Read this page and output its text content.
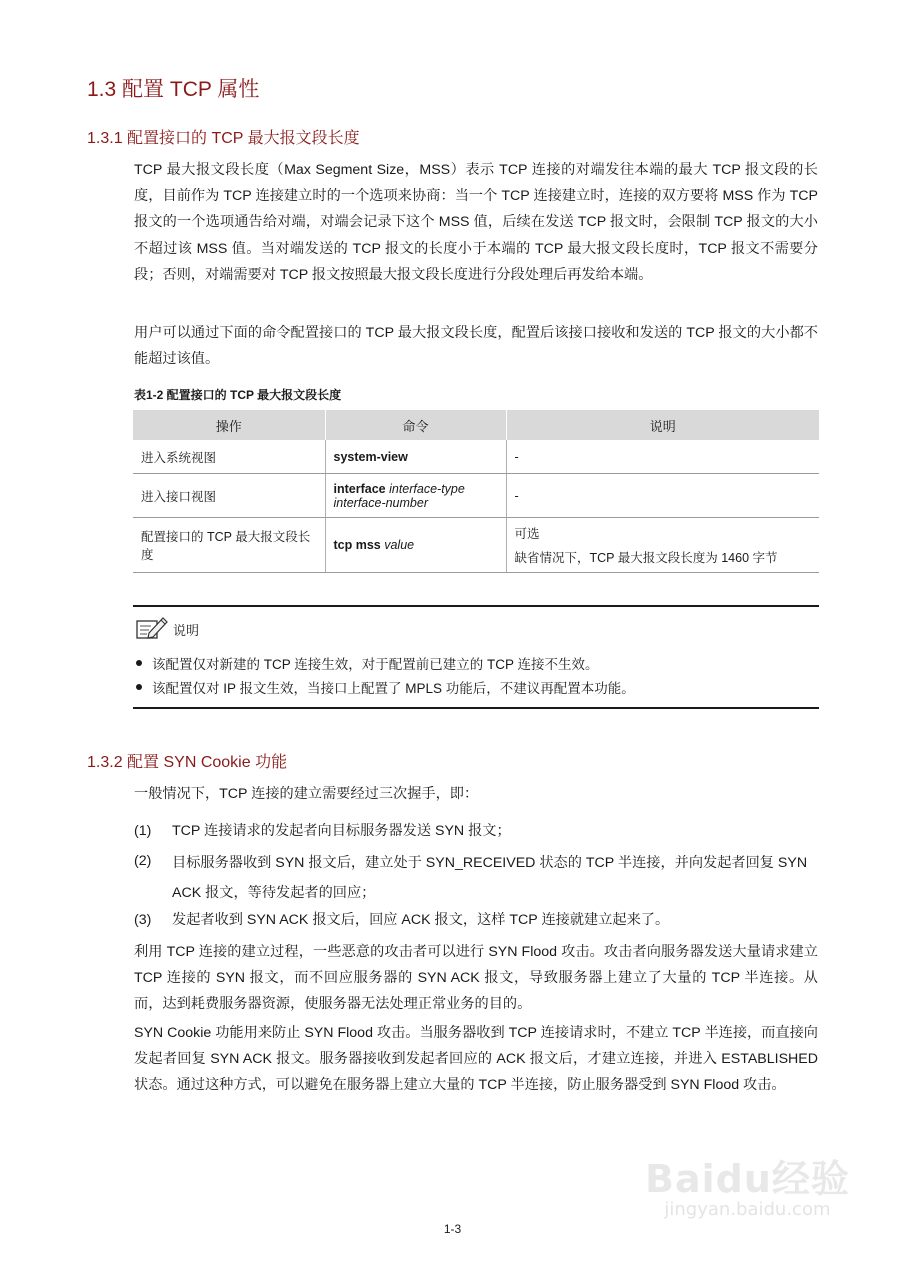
1.3 配置 TCP 属性
1.3.1 配置接口的 TCP 最大报文段长度

TCP 最大报文段长度（Max Segment Size，MSS）表示 TCP 连接的对端发往本端的最大 TCP 报文段的长度，目前作为 TCP 连接建立时的一个选项来协商：当一个 TCP 连接建立时，连接的双方要将 MSS 作为 TCP 报文的一个选项通告给对端，对端会记录下这个 MSS 值，后续在发送 TCP 报文时，会限制 TCP 报文的大小不超过该 MSS 值。当对端发送的 TCP 报文的长度小于本端的 TCP 最大报文段长度时，TCP 报文不需要分段；否则，对端需要对 TCP 报文按照最大报文段长度进行分段处理后再发给本端。

用户可以通过下面的命令配置接口的 TCP 最大报文段长度，配置后该接口接收和发送的 TCP 报文的大小都不能超过该值。

表1-2 配置接口的 TCP 最大报文段长度
操作	命令	说明
进入系统视图	system-view	-
进入接口视图	interface interface-type interface-number	-
配置接口的 TCP 最大报文段长度	tcp mss value	可选
缺省情况下，TCP 最大报文段长度为 1460 字节
说明
该配置仅对新建的 TCP 连接生效，对于配置前已建立的 TCP 连接不生效。
该配置仅对 IP 报文生效，当接口上配置了 MPLS 功能后，不建议再配置本功能。
1.3.2 配置 SYN Cookie 功能
一般情况下，TCP 连接的建立需要经过三次握手，即：
(1)	TCP 连接请求的发起者向目标服务器发送 SYN 报文；
(2)	目标服务器收到 SYN 报文后，建立处于 SYN_RECEIVED 状态的 TCP 半连接，并向发起者回复 SYN ACK 报文，等待发起者的回应；
(3)	发起者收到 SYN ACK 报文后，回应 ACK 报文，这样 TCP 连接就建立起来了。

利用 TCP 连接的建立过程，一些恶意的攻击者可以进行 SYN Flood 攻击。攻击者向服务器发送大量请求建立 TCP 连接的 SYN 报文，而不回应服务器的 SYN ACK 报文，导致服务器上建立了大量的 TCP 半连接。从而，达到耗费服务器资源，使服务器无法处理正常业务的目的。

SYN Cookie 功能用来防止 SYN Flood 攻击。当服务器收到 TCP 连接请求时，不建立 TCP 半连接，而直接向发起者回复 SYN ACK 报文。服务器接收到发起者回应的 ACK 报文后，才建立连接，并进入 ESTABLISHED 状态。通过这种方式，可以避免在服务器上建立大量的 TCP 半连接，防止服务器受到 SYN Flood 攻击。

Baidu经验
jingyan.baidu.com
1-3
